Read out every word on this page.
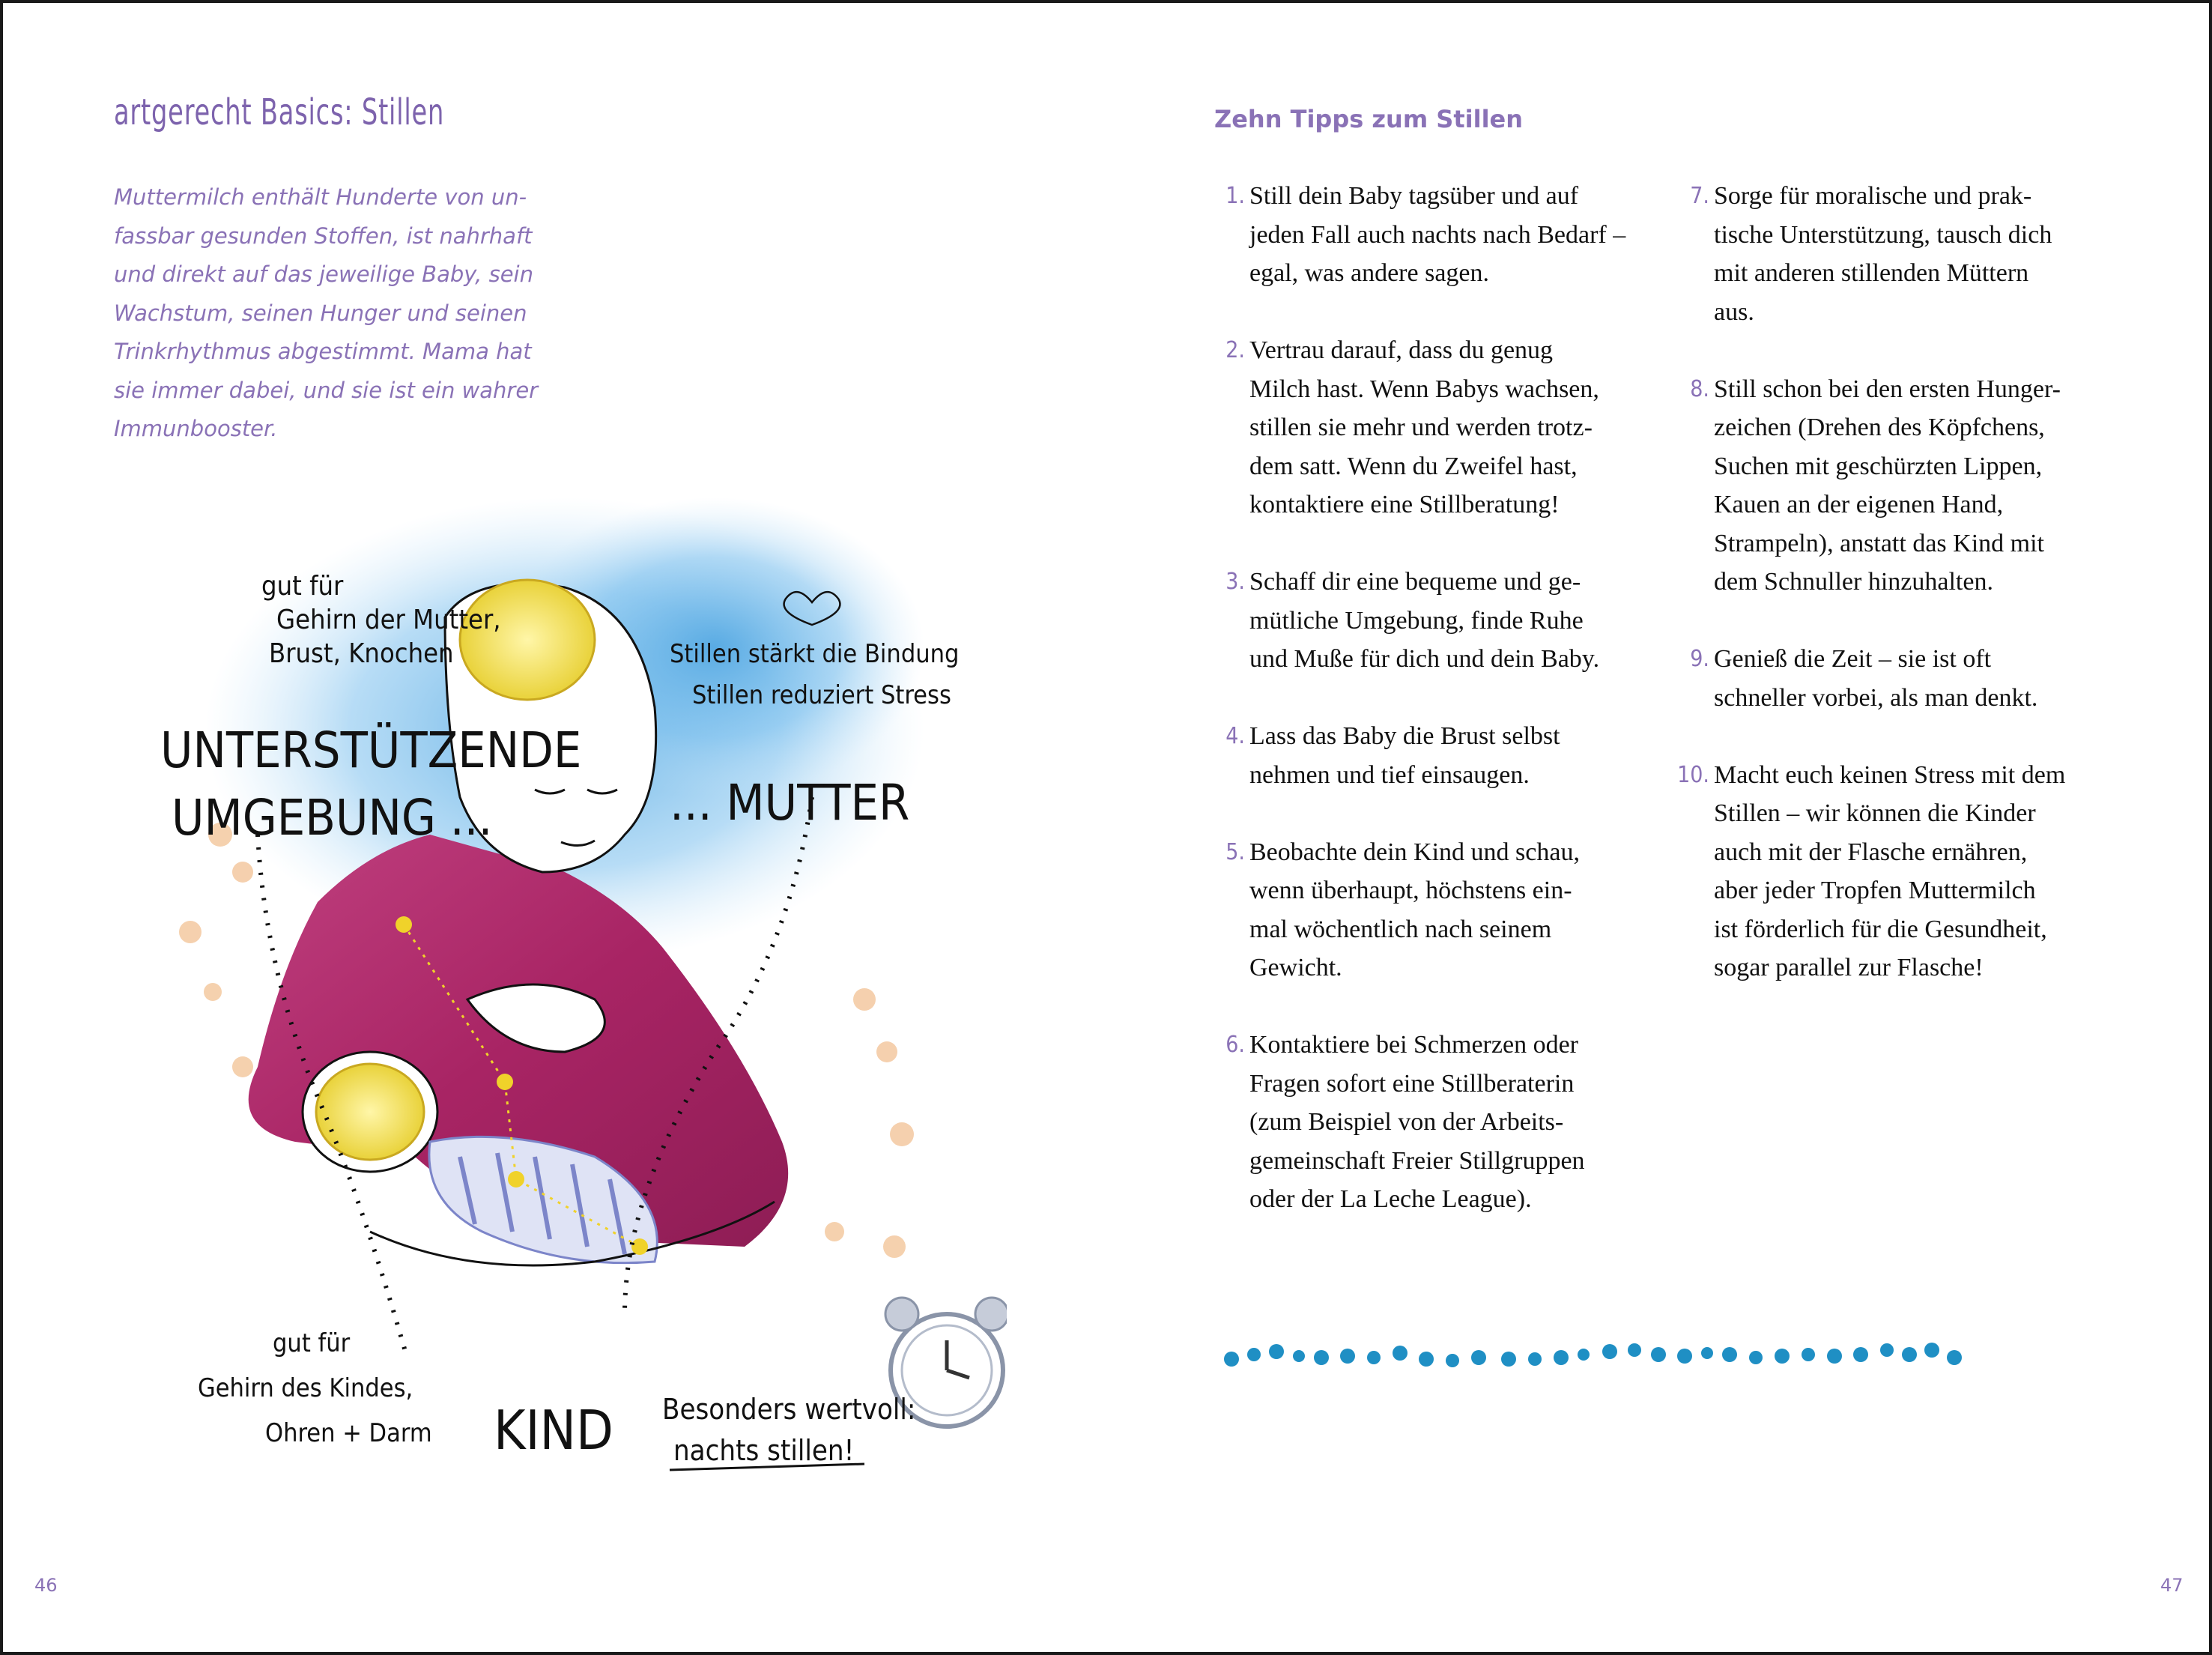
artgerecht Basics: Stillen
Muttermilch enthält Hunderte von un-
fassbar gesunden Stoffen, ist nahrhaft
und direkt auf das jeweilige Baby, sein
Wachstum, seinen Hunger und seinen
Trinkrhythmus abgestimmt. Mama hat
sie immer dabei, und sie ist ein wahrer
Immunbooster.
gut für
Gehirn der Mutter,
Brust, Knochen
UNTERSTÜTZENDE
UMGEBUNG ...	... MUTTER
Stillen stärkt die Bindung
Stillen reduziert Stress
gut für
Gehirn des Kindes,
Ohren + Darm KIND Besonders wertvoll:
nachts stillen!
46
Zehn Tipps zum Stillen
1. Still dein Baby tagsüber und auf
jeden Fall auch nachts nach Bedarf –
egal, was andere sagen.
2. Vertrau darauf, dass du genug
Milch hast. Wenn Babys wachsen,
stillen sie mehr und werden trotz-
dem satt. Wenn du Zweifel hast,
kontaktiere eine Stillberatung!
3. Schaff dir eine bequeme und ge-
mütliche Umgebung, finde Ruhe
und Muße für dich und dein Baby.
4. Lass das Baby die Brust selbst
nehmen und tief einsaugen.
5. Beobachte dein Kind und schau,
wenn überhaupt, höchstens ein-
mal wöchentlich nach seinem
Gewicht.
6. Kontaktiere bei Schmerzen oder
Fragen sofort eine Stillberaterin
(zum Beispiel von der Arbeits-
gemeinschaft Freier Stillgruppen
oder der La Leche League).
7. Sorge für moralische und prak-
tische Unterstützung, tausch dich
mit anderen stillenden Müttern
aus.
8. Still schon bei den ersten Hunger-
zeichen (Drehen des Köpfchens,
Suchen mit geschürzten Lippen,
Kauen an der eigenen Hand,
Strampeln), anstatt das Kind mit
dem Schnuller hinzuhalten.
9. Genieß die Zeit – sie ist oft
schneller vorbei, als man denkt.
10. Macht euch keinen Stress mit dem
Stillen – wir können die Kinder
auch mit der Flasche ernähren,
aber jeder Tropfen Muttermilch
ist förderlich für die Gesundheit,
sogar parallel zur Flasche!
47
